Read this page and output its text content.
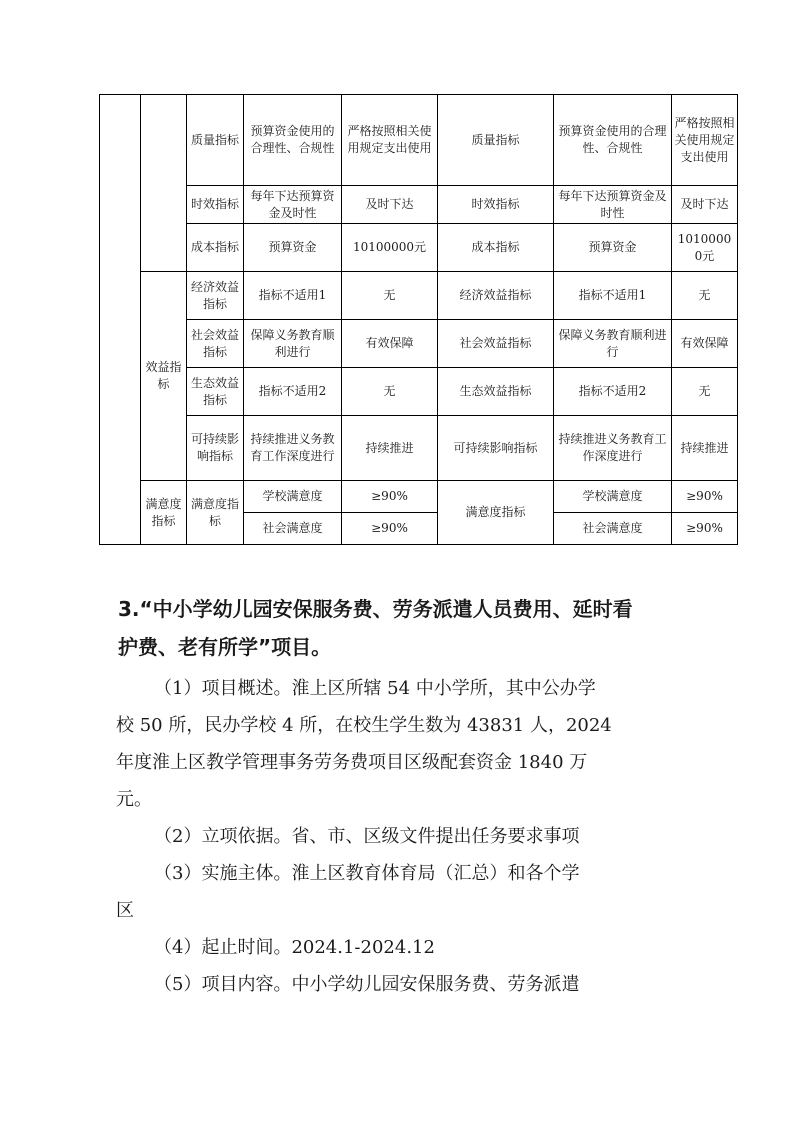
		质量指标	预算资金使用的合理性、合规性	严格按照相关使用规定支出使用	质量指标	预算资金使用的合理性、合规性	严格按照相关使用规定支出使用
		时效指标	每年下达预算资金及时性	及时下达	时效指标	每年下达预算资金及时性	及时下达
		成本指标	预算资金	10100000元	成本指标	预算资金	10100000元
	效益指标	经济效益指标	指标不适用1	无	经济效益指标	指标不适用1	无
		社会效益指标	保障义务教育顺利进行	有效保障	社会效益指标	保障义务教育顺利进行	有效保障
		生态效益指标	指标不适用2	无	生态效益指标	指标不适用2	无
		可持续影响指标	持续推进义务教育工作深度进行	持续推进	可持续影响指标	持续推进义务教育工作深度进行	持续推进
	满意度指标	满意度指标	学校满意度	≥90%	满意度指标	学校满意度	≥90%
			社会满意度	≥90%		社会满意度	≥90%
3.“中小学幼儿园安保服务费、劳务派遣人员费用、延时看
护费、老有所学”项目。
（1）项目概述。淮上区所辖 54 中小学所，其中公办学
校 50 所，民办学校 4 所，在校生学生数为 43831 人，2024
年度淮上区教学管理事务劳务费项目区级配套资金 1840 万
元。
（2）立项依据。省、市、区级文件提出任务要求事项
（3）实施主体。淮上区教育体育局（汇总）和各个学
区
（4）起止时间。2024.1-2024.12
（5）项目内容。中小学幼儿园安保服务费、劳务派遣
